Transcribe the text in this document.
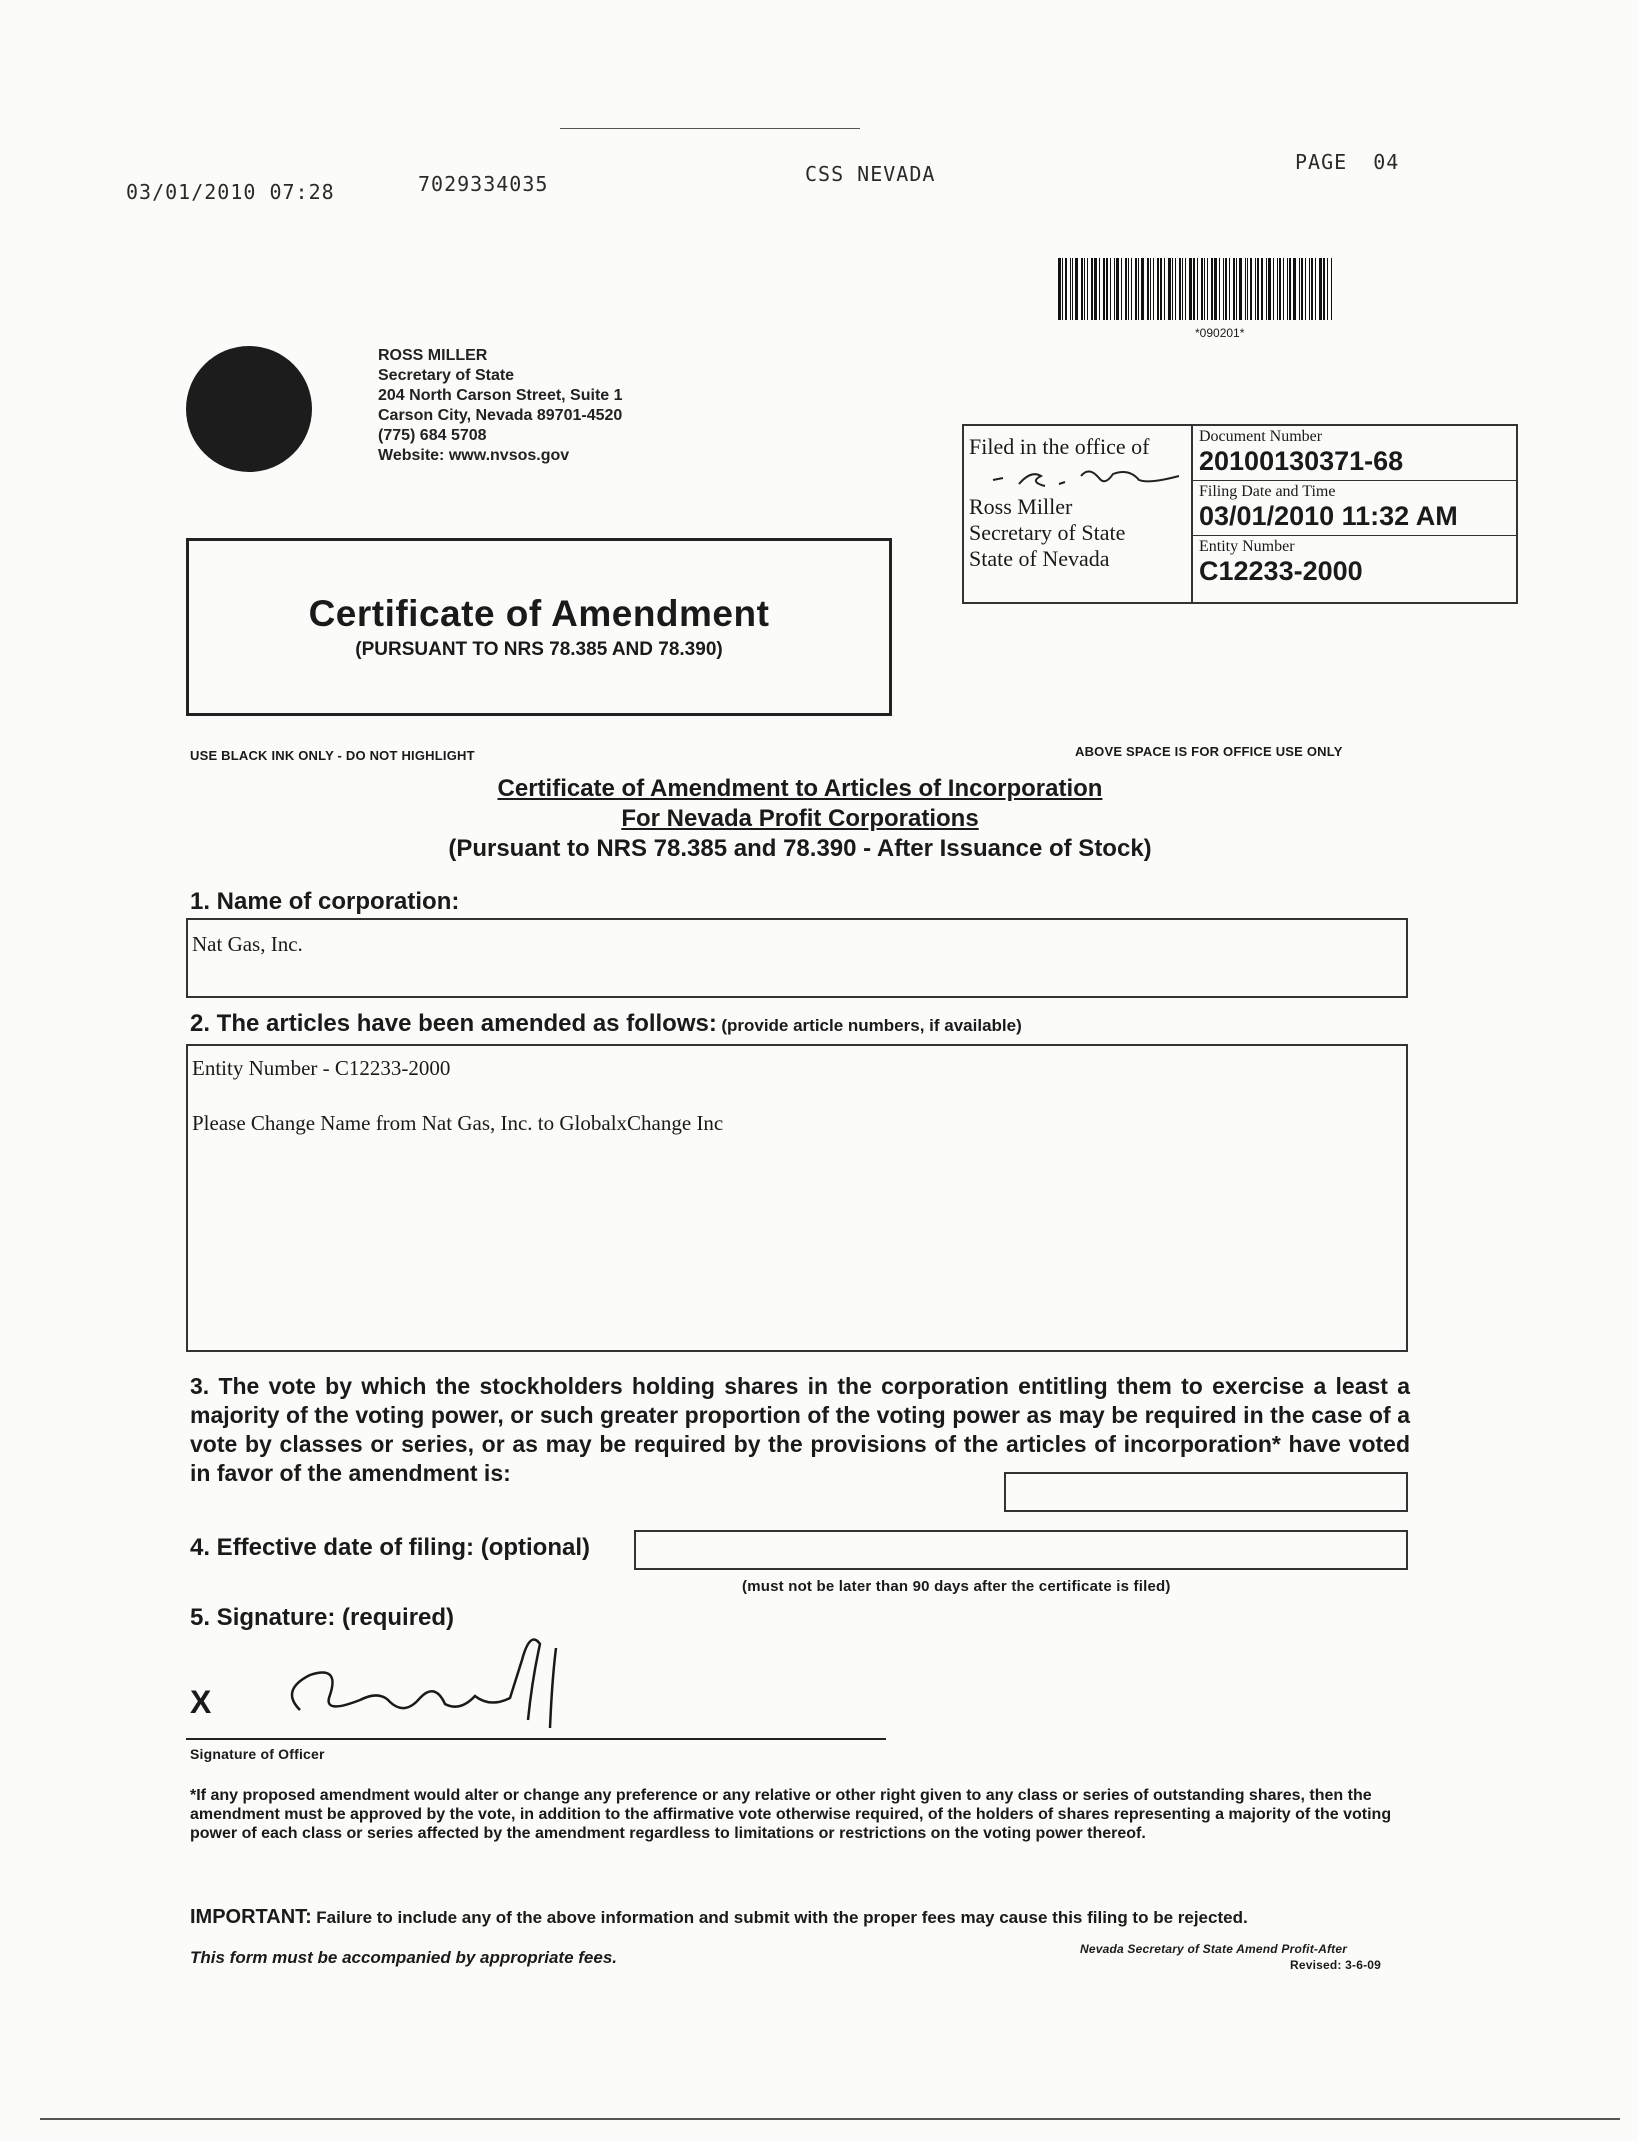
03/01/2010 07:28	7029334035	CSS NEVADA	PAGE 04
*090201*
ROSS MILLER
Secretary of State
204 North Carson Street, Suite 1
Carson City, Nevada 89701-4520
(775) 684 5708
Website: www.nvsos.gov
Certificate of Amendment
(PURSUANT TO NRS 78.385 AND 78.390)
Filed in the office of
Ross Miller
Secretary of State
State of Nevada
Document Number
20100130371-68
Filing Date and Time
03/01/2010 11:32 AM
Entity Number
C12233-2000
USE BLACK INK ONLY - DO NOT HIGHLIGHT	ABOVE SPACE IS FOR OFFICE USE ONLY
Certificate of Amendment to Articles of Incorporation
For Nevada Profit Corporations
(Pursuant to NRS 78.385 and 78.390 - After Issuance of Stock)
1. Name of corporation:
Nat Gas, Inc.
2. The articles have been amended as follows: (provide article numbers, if available)
Entity Number - C12233-2000
Please Change Name from Nat Gas, Inc. to GlobalxChange Inc
3. The vote by which the stockholders holding shares in the corporation entitling them to exercise a least a majority of the voting power, or such greater proportion of the voting power as may be required in the case of a vote by classes or series, or as may be required by the provisions of the articles of incorporation* have voted in favor of the amendment is:
4. Effective date of filing: (optional)
(must not be later than 90 days after the certificate is filed)
5. Signature: (required)
X
Signature of Officer
*If any proposed amendment would alter or change any preference or any relative or other right given to any class or series of outstanding shares, then the amendment must be approved by the vote, in addition to the affirmative vote otherwise required, of the holders of shares representing a majority of the voting power of each class or series affected by the amendment regardless to limitations or restrictions on the voting power thereof.
IMPORTANT: Failure to include any of the above information and submit with the proper fees may cause this filing to be rejected.
This form must be accompanied by appropriate fees.	Nevada Secretary of State Amend Profit-After
Revised: 3-6-09
